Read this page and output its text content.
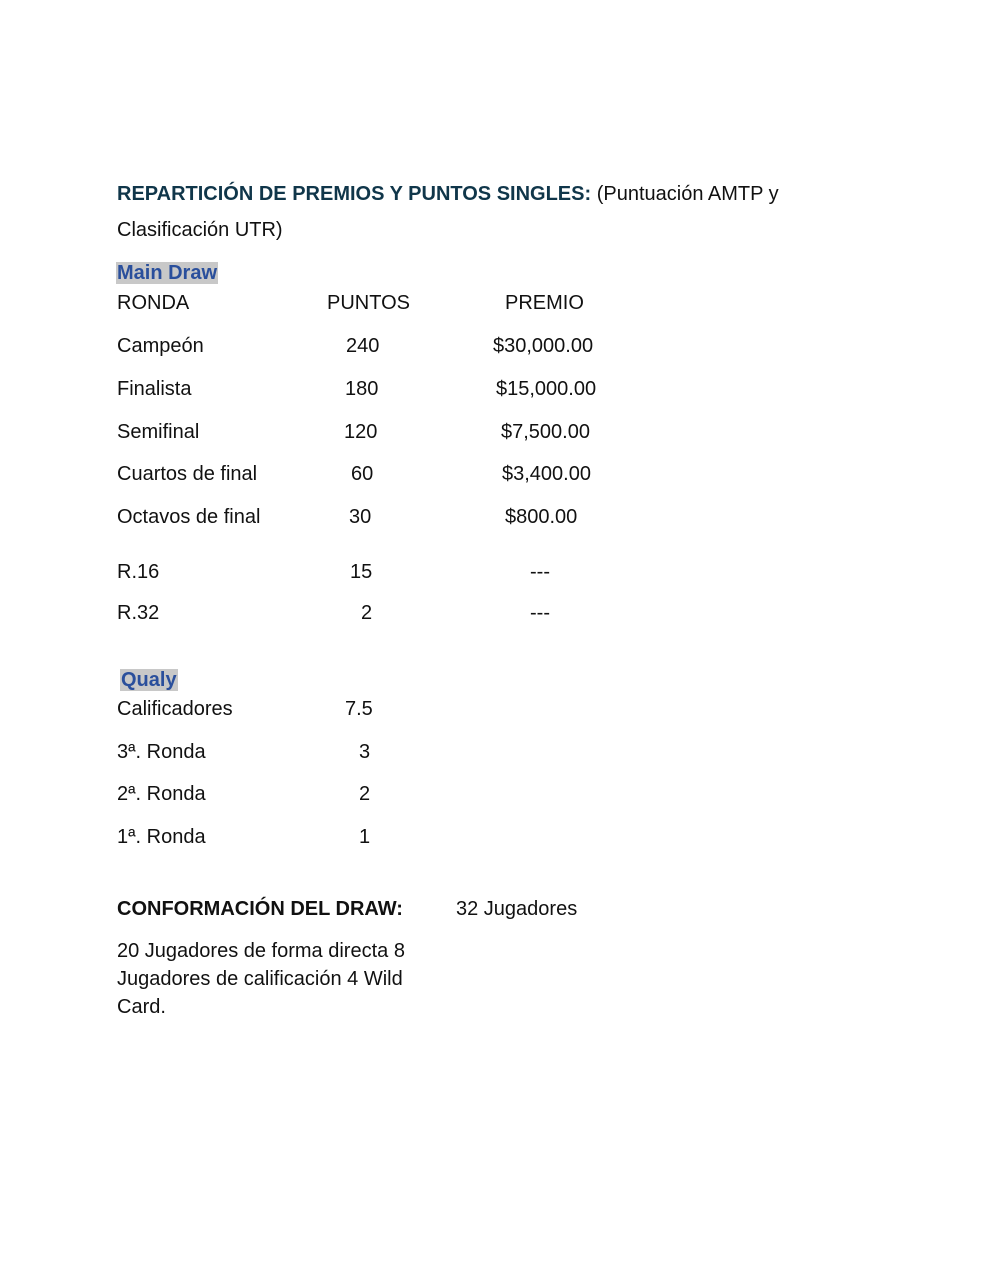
REPARTICIÓN DE PREMIOS Y PUNTOS SINGLES: (Puntuación AMTP y
Clasificación UTR)
Main Draw
RONDA	PUNTOS	PREMIO
Campeón	240	$30,000.00
Finalista	180	$15,000.00
Semifinal	120	$7,500.00
Cuartos de final	60	$3,400.00
Octavos de final	30	$800.00
R.16	15	---
R.32	2	---
Qualy
Calificadores	7.5
3ª. Ronda	3
2ª. Ronda	2
1ª. Ronda	1
CONFORMACIÓN DEL DRAW:	32 Jugadores
20 Jugadores de forma directa 8
Jugadores de calificación 4 Wild
Card.
